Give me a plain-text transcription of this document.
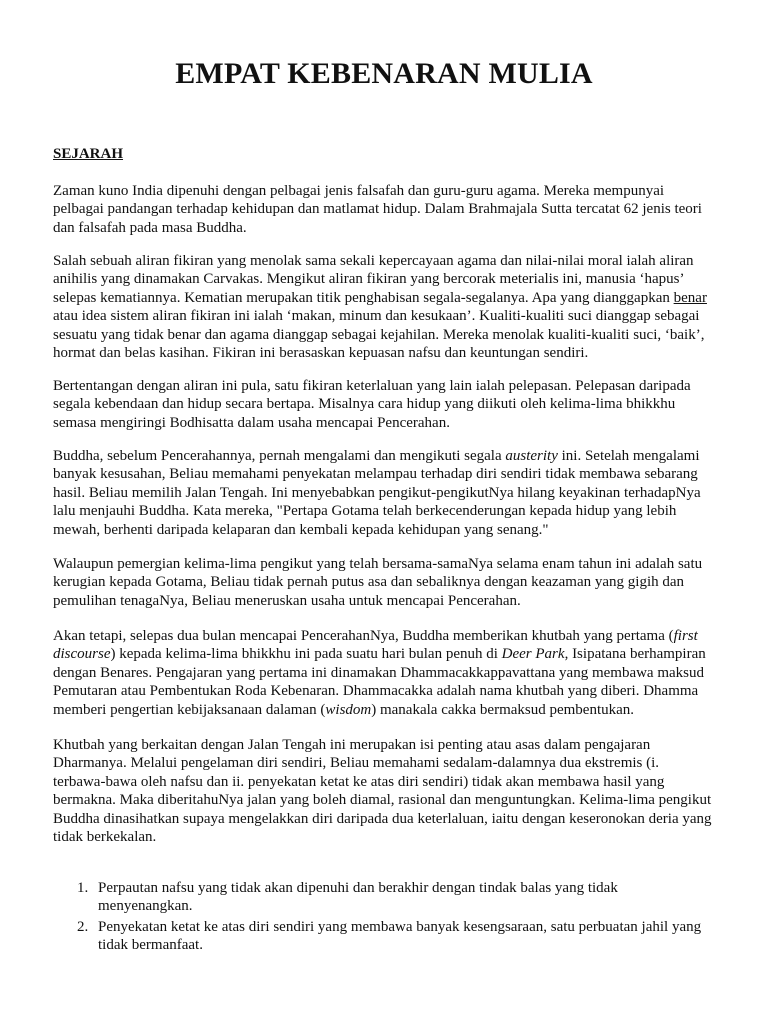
EMPAT KEBENARAN MULIA
SEJARAH
Zaman kuno India dipenuhi dengan pelbagai jenis falsafah dan guru-guru agama. Mereka mempunyai
pelbagai pandangan terhadap kehidupan dan matlamat hidup. Dalam Brahmajala Sutta tercatat 62 jenis teori
dan falsafah pada masa Buddha.
Salah sebuah aliran fikiran yang menolak sama sekali kepercayaan agama dan nilai-nilai moral ialah aliran
anihilis yang dinamakan Carvakas. Mengikut aliran fikiran yang bercorak meterialis ini, manusia ‘hapus’
selepas kematiannya. Kematian merupakan titik penghabisan segala-segalanya. Apa yang dianggapkan benar
atau idea sistem aliran fikiran ini ialah ‘makan, minum dan kesukaan’. Kualiti-kualiti suci dianggap sebagai
sesuatu yang tidak benar dan agama dianggap sebagai kejahilan. Mereka menolak kualiti-kualiti suci, ‘baik’,
hormat dan belas kasihan. Fikiran ini berasaskan kepuasan nafsu dan keuntungan sendiri.
Bertentangan dengan aliran ini pula, satu fikiran keterlaluan yang lain ialah pelepasan. Pelepasan daripada
segala kebendaan dan hidup secara bertapa. Misalnya cara hidup yang diikuti oleh kelima-lima bhikkhu
semasa mengiringi Bodhisatta dalam usaha mencapai Pencerahan.
Buddha, sebelum Pencerahannya, pernah mengalami dan mengikuti segala austerity ini. Setelah mengalami
banyak kesusahan, Beliau memahami penyekatan melampau terhadap diri sendiri tidak membawa sebarang
hasil. Beliau memilih Jalan Tengah. Ini menyebabkan pengikut-pengikutNya hilang keyakinan terhadapNya
lalu menjauhi Buddha. Kata mereka, "Pertapa Gotama telah berkecenderungan kepada hidup yang lebih
mewah, berhenti daripada kelaparan dan kembali kepada kehidupan yang senang."
Walaupun pemergian kelima-lima pengikut yang telah bersama-samaNya selama enam tahun ini adalah satu
kerugian kepada Gotama, Beliau tidak pernah putus asa dan sebaliknya dengan keazaman yang gigih dan
pemulihan tenagaNya, Beliau meneruskan usaha untuk mencapai Pencerahan.
Akan tetapi, selepas dua bulan mencapai PencerahanNya, Buddha memberikan khutbah yang pertama (first
discourse) kepada kelima-lima bhikkhu ini pada suatu hari bulan penuh di Deer Park, Isipatana berhampiran
dengan Benares. Pengajaran yang pertama ini dinamakan Dhammacakkappavattana yang membawa maksud
Pemutaran atau Pembentukan Roda Kebenaran. Dhammacakka adalah nama khutbah yang diberi. Dhamma
memberi pengertian kebijaksanaan dalaman (wisdom) manakala cakka bermaksud pembentukan.
Khutbah yang berkaitan dengan Jalan Tengah ini merupakan isi penting atau asas dalam pengajaran
Dharmanya. Melalui pengelaman diri sendiri, Beliau memahami sedalam-dalamnya dua ekstremis (i.
terbawa-bawa oleh nafsu dan ii. penyekatan ketat ke atas diri sendiri) tidak akan membawa hasil yang
bermakna. Maka diberitahuNya jalan yang boleh diamal, rasional dan menguntungkan. Kelima-lima pengikut
Buddha dinasihatkan supaya mengelakkan diri daripada dua keterlaluan, iaitu dengan keseronokan deria yang
tidak berkekalan.
1. Perpautan nafsu yang tidak akan dipenuhi dan berakhir dengan tindak balas yang tidak
menyenangkan.
2. Penyekatan ketat ke atas diri sendiri yang membawa banyak kesengsaraan, satu perbuatan jahil yang
tidak bermanfaat.
